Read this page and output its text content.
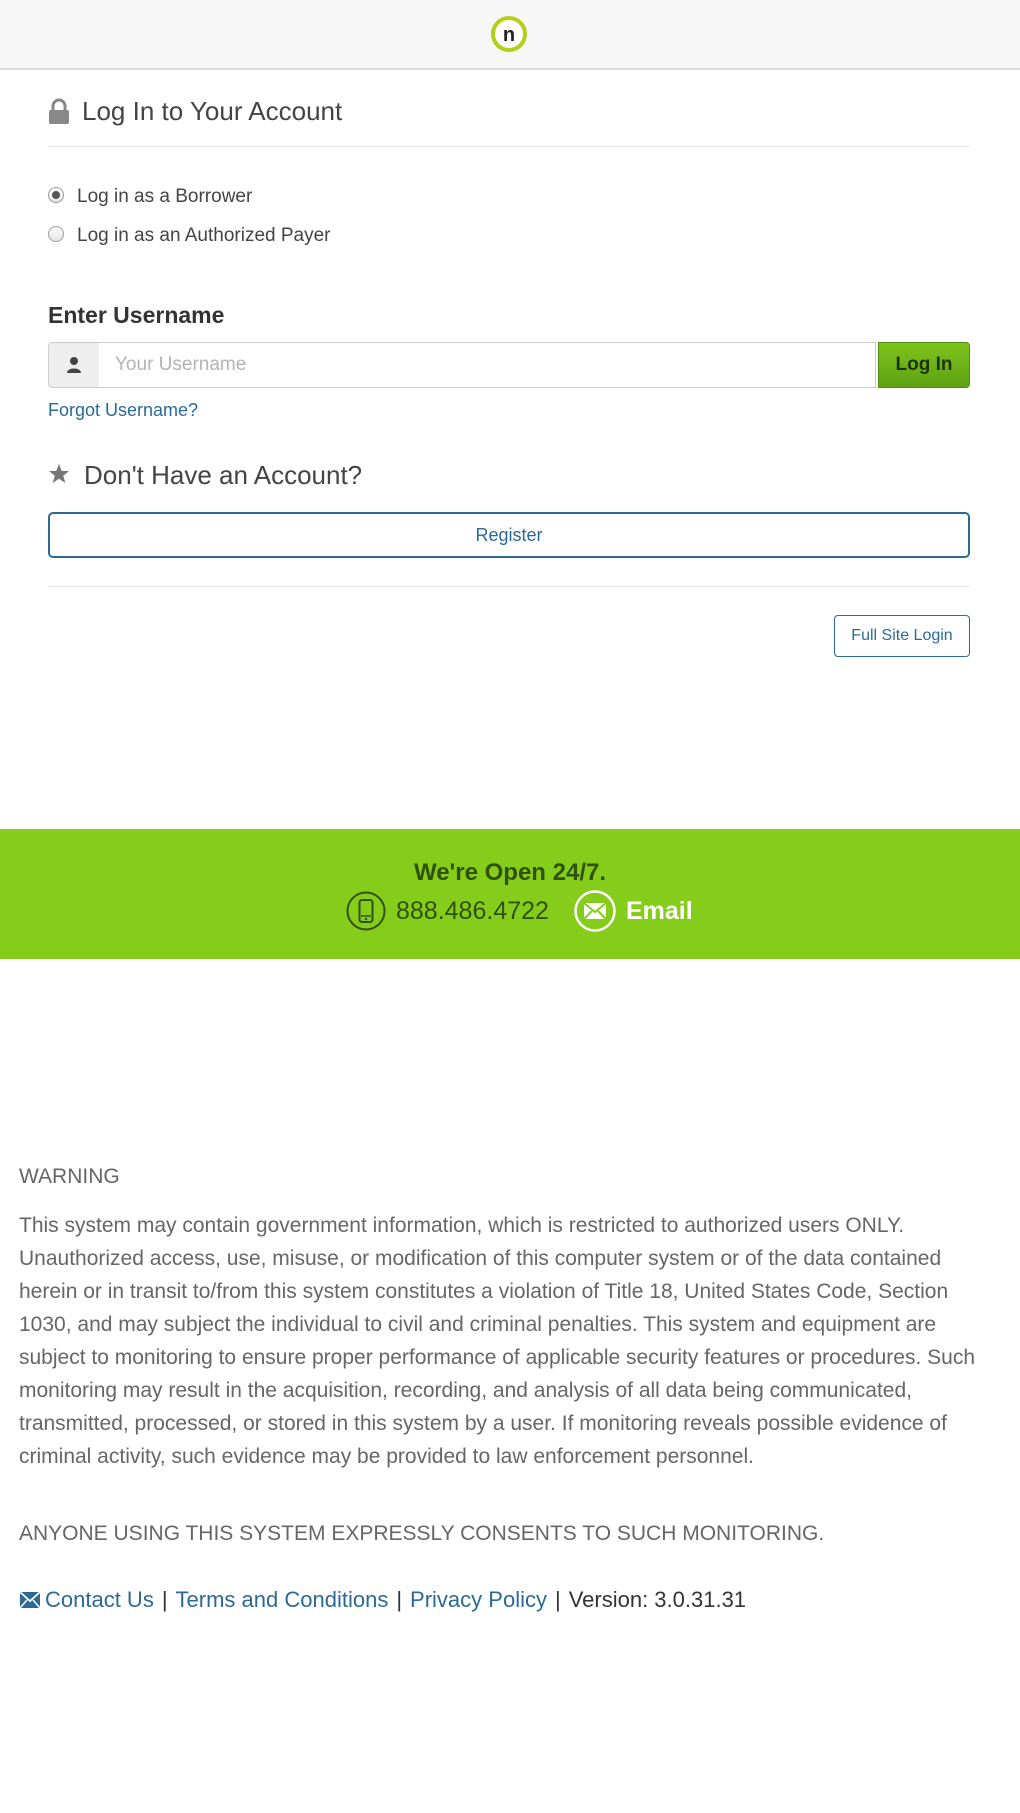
n
Log In to Your Account
Log in as a Borrower
Log in as an Authorized Payer
Enter Username
Your Username
Log In
Forgot Username?
Don't Have an Account?
Register
Full Site Login
We're Open 24/7.
888.486.4722	Email
WARNING

This system may contain government information, which is restricted to authorized users ONLY. Unauthorized access, use, misuse, or modification of this computer system or of the data contained herein or in transit to/from this system constitutes a violation of Title 18, United States Code, Section 1030, and may subject the individual to civil and criminal penalties. This system and equipment are subject to monitoring to ensure proper performance of applicable security features or procedures. Such monitoring may result in the acquisition, recording, and analysis of all data being communicated, transmitted, processed, or stored in this system by a user. If monitoring reveals possible evidence of criminal activity, such evidence may be provided to law enforcement personnel.

ANYONE USING THIS SYSTEM EXPRESSLY CONSENTS TO SUCH MONITORING.
Contact Us | Terms and Conditions | Privacy Policy | Version: 3.0.31.31
